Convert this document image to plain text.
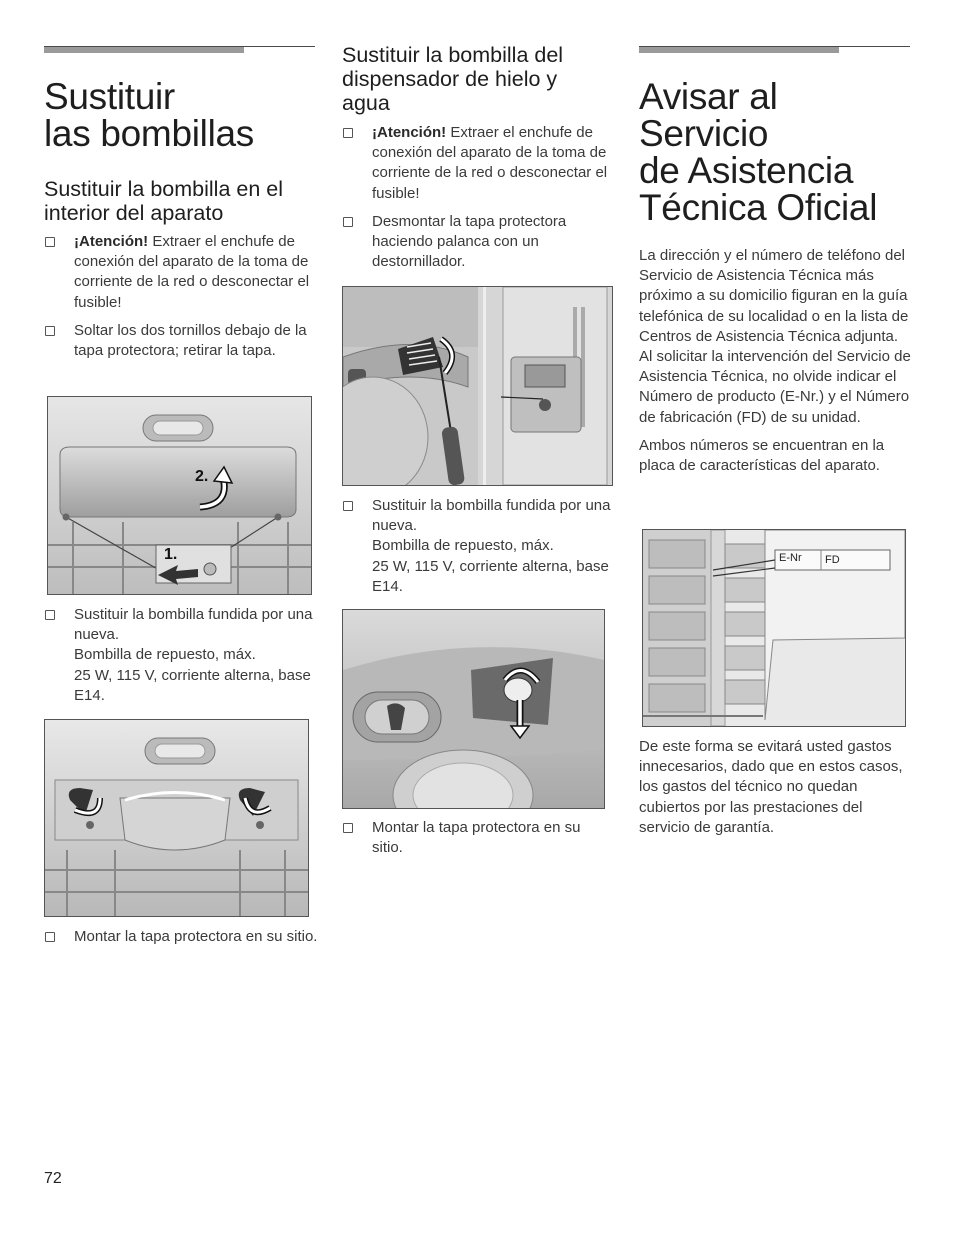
Sustituir
las bombillas
Sustituir la bombilla en el interior del aparato
¡Atención! Extraer el enchufe de conexión del aparato de la toma de corriente de la red o desconectar el fusible!
Soltar los dos tornillos debajo de la tapa protectora; retirar la tapa.
2.
1.
Sustituir la bombilla fundida por una nueva.
Bombilla de repuesto, máx.
25 W, 115 V, corriente alterna, base E14.
Montar la tapa protectora en su sitio.
Sustituir la bombilla del dispensador de hielo y agua
¡Atención! Extraer el enchufe de conexión del aparato de la toma de corriente de la red o desconectar el fusible!
Desmontar la tapa protectora haciendo palanca con un destornillador.
Sustituir la bombilla fundida por una nueva.
Bombilla de repuesto, máx.
25 W, 115 V, corriente alterna, base E14.
Montar la tapa protectora en su sitio.
Avisar al
Servicio
de Asistencia
Técnica Oficial

La dirección y el número de teléfono del Servicio de Asistencia Técnica más próximo a su domicilio figuran en la guía telefónica de su localidad o en la lista de Centros de Asistencia Técnica adjunta. Al solicitar la intervención del Servicio de Asistencia Técnica, no olvide indicar el Número de producto (E-Nr.) y el Número de fabricación (FD) de su unidad.

Ambos números se encuentran en la placa de características del aparato.

E-Nr FD

De este forma se evitará usted gastos innecesarios, dado que en estos casos, los gastos del técnico no quedan cubiertos por las prestaciones del servicio de garantía.

72
